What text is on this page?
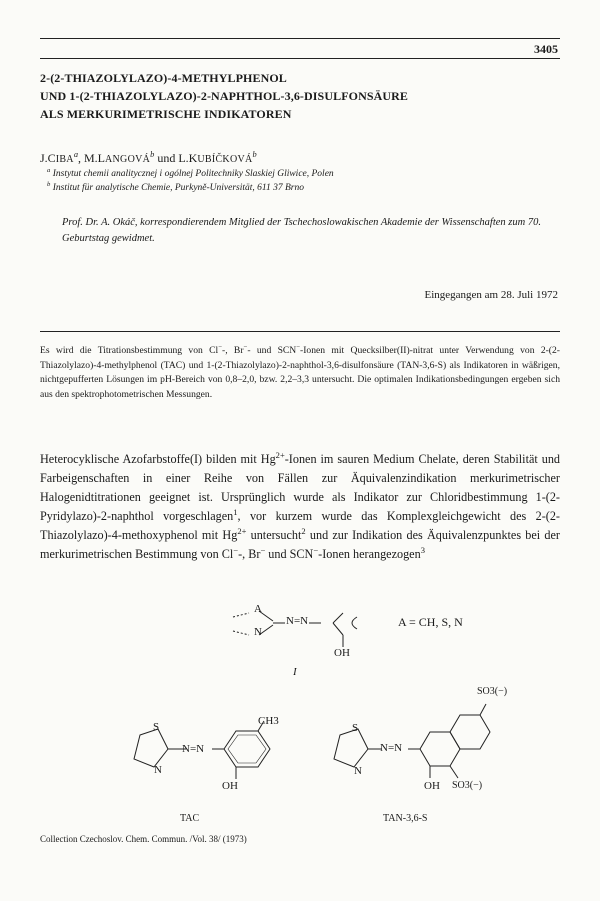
3405
2-(2-THIAZOLYLAZO)-4-METHYLPHENOL
UND 1-(2-THIAZOLYLAZO)-2-NAPHTHOL-3,6-DISULFONSÄURE
ALS MERKURIMETRISCHE INDIKATOREN
J.CIBA$^a$, M.LANGOVÁ$^b$ und L.KUBÍČKOVÁ$^b$
$^a$ Instytut chemii analitycznej i ogólnej Politechniky Slaskiej Gliwice, Polen
$^b$ Institut für analytische Chemie, Purkyně-Universität, 611 37 Brno
Prof. Dr. A. Okáč, korrespondierendem Mitglied der Tschechoslowakischen Akademie der Wissenschaften zum 70. Geburtstag gewidmet.
Eingegangen am 28. Juli 1972
Es wird die Titrationsbestimmung von Cl−-, Br−- und SCN−-Ionen mit Quecksilber(II)-nitrat unter Verwendung von 2-(2-Thiazolylazo)-4-methylphenol (TAC) und 1-(2-Thiazolylazo)-2-naphthol-3,6-disulfonsäure (TAN-3,6-S) als Indikatoren in wäßrigen, nichtgepufferten Lösungen im pH-Bereich von 0,8–2,0, bzw. 2,2–3,3 untersucht. Die optimalen Indikationsbedingungen ergeben sich aus den spektrophotometrischen Messungen.
Heterocyklische Azofarbstoffe(I) bilden mit $Hg^{2+}$-Ionen im sauren Medium Chelate, deren Stabilität und Farbeigenschaften in einer Reihe von Fällen zur Äquivalenzindikation merkurimetrischer Halogenidtitrationen geeignet ist. Ursprünglich wurde als Indikator zur Chloridbestimmung 1-(2-Pyridylazo)-2-naphthol vorgeschlagen$^1$, vor kurzem wurde das Komplexgleichgewicht des 2-(2-Thiazolylazo)-4-methoxyphenol mit $Hg^{2+}$ untersucht$^2$ und zur Indikation des Äquivalenzpunktes bei der merkurimetrischen Bestimmung von Cl−-, Br− und SCN−-Ionen herangezogen$^3$
A
N
N=N
OH
A = CH, S, N
I
S
N
N=N
CH3
OH
TAC
S
N
N=N
SO3(−)
OH SO3(−)
TAN-3,6-S
Collection Czechoslov. Chem. Commun. /Vol. 38/ (1973)
